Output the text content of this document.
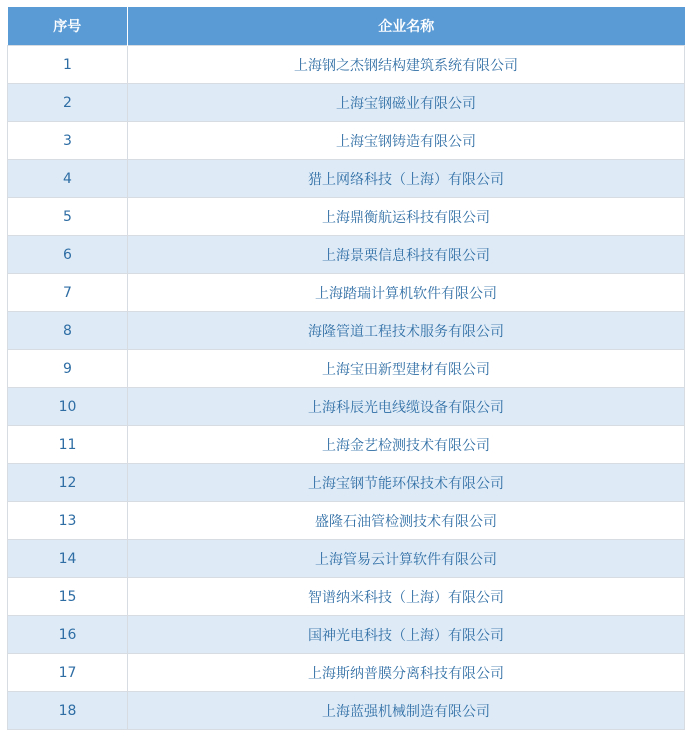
序号	企业名称
1	上海钢之杰钢结构建筑系统有限公司
2	上海宝钢磁业有限公司
3	上海宝钢铸造有限公司
4	猎上网络科技（上海）有限公司
5	上海鼎衡航运科技有限公司
6	上海景栗信息科技有限公司
7	上海踏瑞计算机软件有限公司
8	海隆管道工程技术服务有限公司
9	上海宝田新型建材有限公司
10	上海科辰光电线缆设备有限公司
11	上海金艺检测技术有限公司
12	上海宝钢节能环保技术有限公司
13	盛隆石油管检测技术有限公司
14	上海管易云计算软件有限公司
15	智谱纳米科技（上海）有限公司
16	国神光电科技（上海）有限公司
17	上海斯纳普膜分离科技有限公司
18	上海蓝强机械制造有限公司
